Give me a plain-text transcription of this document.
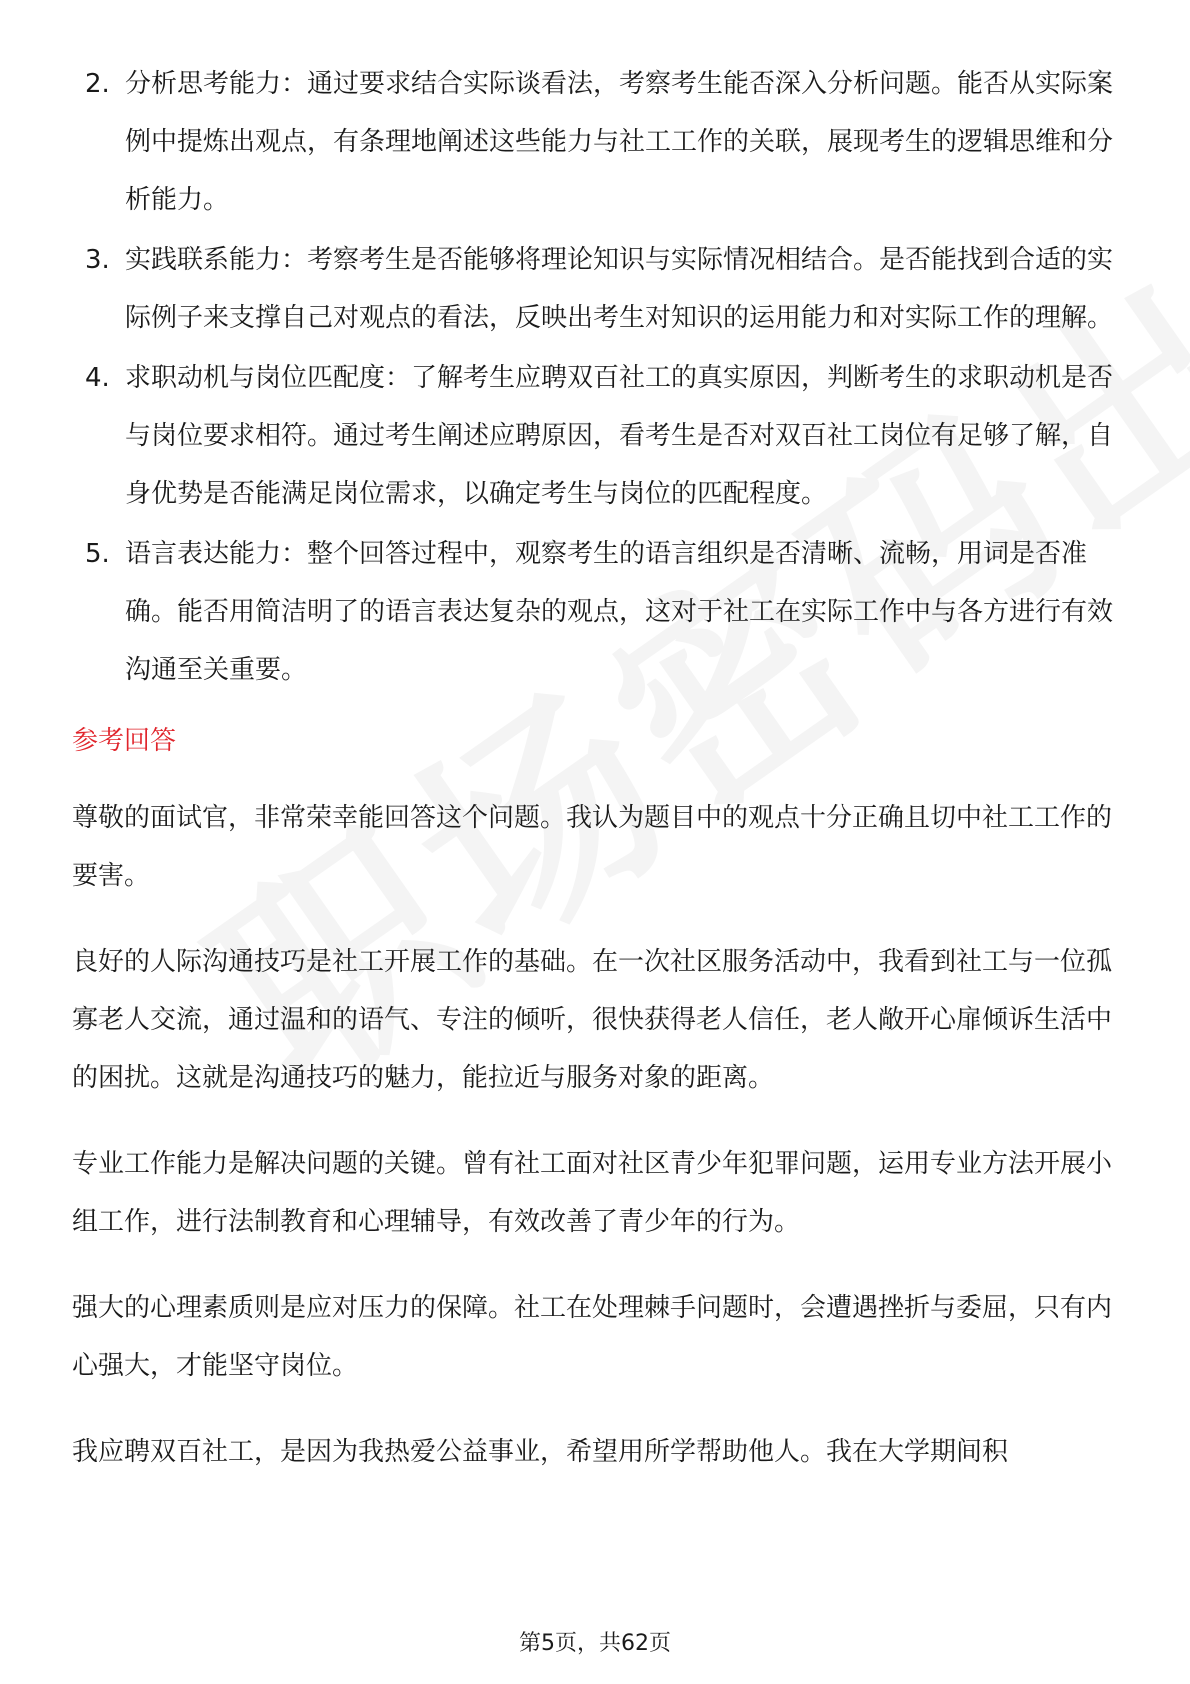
2. 分析思考能力：通过要求结合实际谈看法，考察考生能否深入分析问题。能否从实际案例中提炼出观点，有条理地阐述这些能力与社工工作的关联，展现考生的逻辑思维和分析能力。
3. 实践联系能力：考察考生是否能够将理论知识与实际情况相结合。是否能找到合适的实际例子来支撑自己对观点的看法，反映出考生对知识的运用能力和对实际工作的理解。
4. 求职动机与岗位匹配度：了解考生应聘双百社工的真实原因，判断考生的求职动机是否与岗位要求相符。通过考生阐述应聘原因，看考生是否对双百社工岗位有足够了解，自身优势是否能满足岗位需求，以确定考生与岗位的匹配程度。
5. 语言表达能力：整个回答过程中，观察考生的语言组织是否清晰、流畅，用词是否准确。能否用简洁明了的语言表达复杂的观点，这对于社工在实际工作中与各方进行有效沟通至关重要。
参考回答

尊敬的面试官，非常荣幸能回答这个问题。我认为题目中的观点十分正确且切中社工工作的要害。

良好的人际沟通技巧是社工开展工作的基础。在一次社区服务活动中，我看到社工与一位孤寡老人交流，通过温和的语气、专注的倾听，很快获得老人信任，老人敞开心扉倾诉生活中的困扰。这就是沟通技巧的魅力，能拉近与服务对象的距离。

专业工作能力是解决问题的关键。曾有社工面对社区青少年犯罪问题，运用专业方法开展小组工作，进行法制教育和心理辅导，有效改善了青少年的行为。

强大的心理素质则是应对压力的保障。社工在处理棘手问题时，会遭遇挫折与委屈，只有内心强大，才能坚守岗位。

我应聘双百社工，是因为我热爱公益事业，希望用所学帮助他人。我在大学期间积

第5页，共62页
